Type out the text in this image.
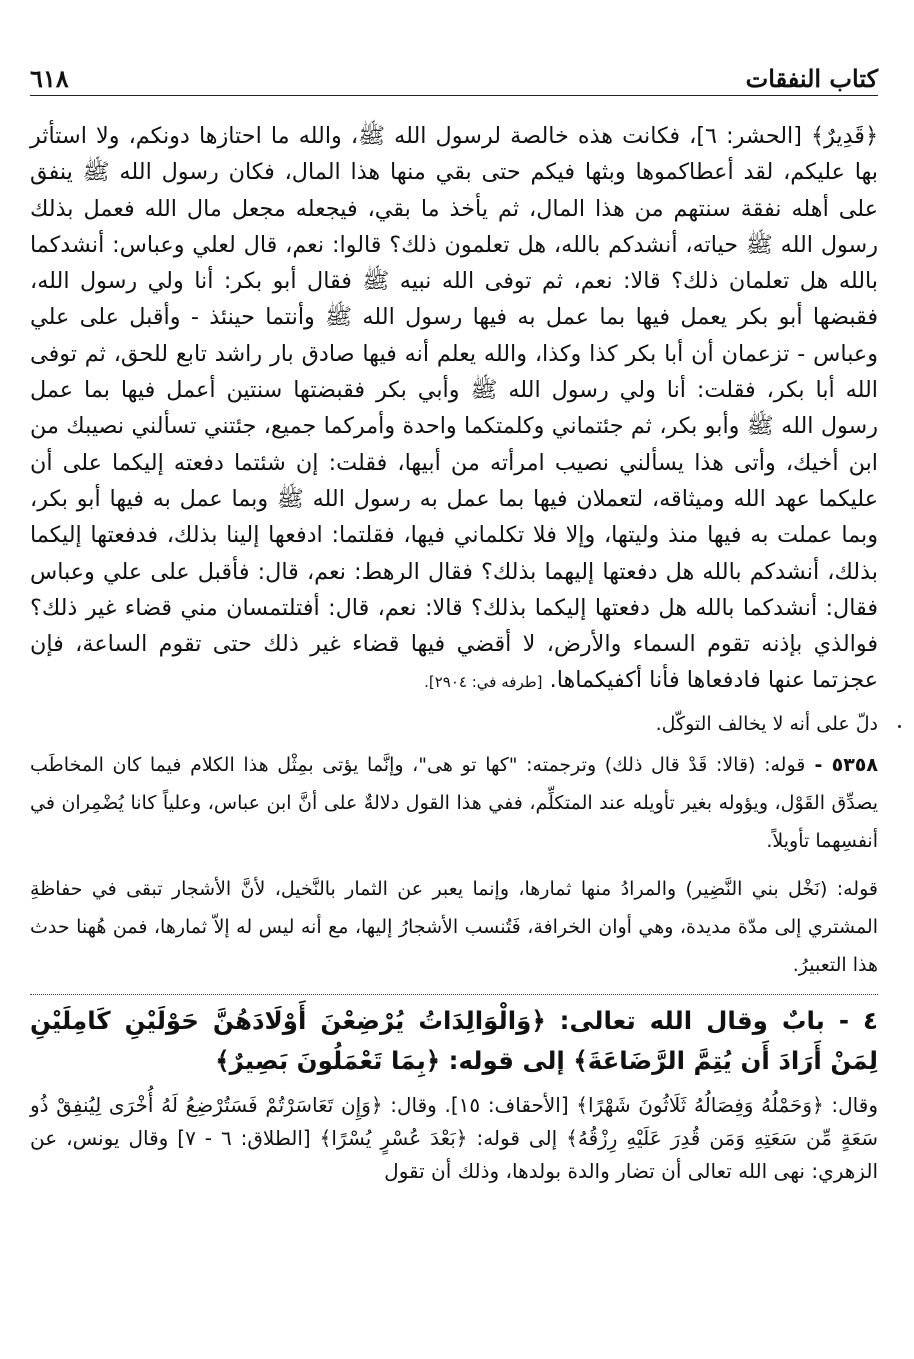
كتاب النفقات
٦١٨

﴿قَدِيرٌ﴾ [الحشر: ٦]، فكانت هذه خالصة لرسول الله ﷺ، والله ما احتازها دونكم، ولا استأثر بها عليكم، لقد أعطاكموها وبثها فيكم حتى بقي منها هذا المال، فكان رسول الله ﷺ ينفق على أهله نفقة سنتهم من هذا المال، ثم يأخذ ما بقي، فيجعله مجعل مال الله فعمل بذلك رسول الله ﷺ حياته، أنشدكم بالله، هل تعلمون ذلك؟ قالوا: نعم، قال لعلي وعباس: أنشدكما بالله هل تعلمان ذلك؟ قالا: نعم، ثم توفى الله نبيه ﷺ فقال أبو بكر: أنا ولي رسول الله، فقبضها أبو بكر يعمل فيها بما عمل به فيها رسول الله ﷺ وأنتما حينئذ - وأقبل على علي وعباس - تزعمان أن أبا بكر كذا وكذا، والله يعلم أنه فيها صادق بار راشد تابع للحق، ثم توفى الله أبا بكر، فقلت: أنا ولي رسول الله ﷺ وأبي بكر فقبضتها سنتين أعمل فيها بما عمل رسول الله ﷺ وأبو بكر، ثم جئتماني وكلمتكما واحدة وأمركما جميع، جئتني تسألني نصيبك من ابن أخيك، وأتى هذا يسألني نصيب امرأته من أبيها، فقلت: إن شئتما دفعته إليكما على أن عليكما عهد الله وميثاقه، لتعملان فيها بما عمل به رسول الله ﷺ وبما عمل به فيها أبو بكر، وبما عملت به فيها منذ وليتها، وإلا فلا تكلماني فيها، فقلتما: ادفعها إلينا بذلك، فدفعتها إليكما بذلك، أنشدكم بالله هل دفعتها إليهما بذلك؟ فقال الرهط: نعم، قال: فأقبل على علي وعباس فقال: أنشدكما بالله هل دفعتها إليكما بذلك؟ قالا: نعم، قال: أفتلتمسان مني قضاء غير ذلك؟ فوالذي بإذنه تقوم السماء والأرض، لا أقضي فيها قضاء غير ذلك حتى تقوم الساعة، فإن عجزتما عنها فادفعاها فأنا أكفيكماها. [طرفه في: ٢٩٠٤].

دلّ على أنه لا يخالف التوكّل.

٥٣٥٨ - قوله: (قالا: قَدْ قال ذلك) وترجمته: "كها تو هى"، وإنَّما يؤتى بمِثْل هذا الكلام فيما كان المخاطَب يصدِّق القَوْل، ويؤوله بغير تأويله عند المتكلِّم، ففي هذا القول دلالةٌ على أنَّ ابن عباس، وعلياً كانا يُضْمِران في أنفسِهما تأويلاً.

قوله: (نَخْل بني النَّضِير) والمرادُ منها ثمارها، وإنما يعبر عن الثمار بالنَّخيل، لأنَّ الأشجار تبقى في حفاظةِ المشتري إلى مدّة مديدة، وهي أوان الخرافة، فَتُنسب الأشجارُ إليها، مع أنه ليس له إلاّ ثمارها، فمن هُهنا حدث هذا التعبيرُ.

٤ - بابٌ وقال الله تعالى: ﴿وَالْوَالِدَاتُ يُرْضِعْنَ أَوْلَادَهُنَّ حَوْلَيْنِ كَامِلَيْنِ لِمَنْ أَرَادَ أَن يُتِمَّ الرَّضَاعَةَ﴾ إلى قوله: ﴿بِمَا تَعْمَلُونَ بَصِيرٌ﴾

وقال: ﴿وَحَمْلُهُ وَفِصَالُهُ ثَلَاثُونَ شَهْرًا﴾ [الأحقاف: ١٥]. وقال: ﴿وَإِن تَعَاسَرْتُمْ فَسَتُرْضِعُ لَهُ أُخْرَى لِيُنفِقْ ذُو سَعَةٍ مِّن سَعَتِهِ وَمَن قُدِرَ عَلَيْهِ رِزْقُهُ﴾ إلى قوله: ﴿بَعْدَ عُسْرٍ يُسْرًا﴾ [الطلاق: ٦ - ٧] وقال يونس، عن الزهري: نهى الله تعالى أن تضار والدة بولدها، وذلك أن تقول
